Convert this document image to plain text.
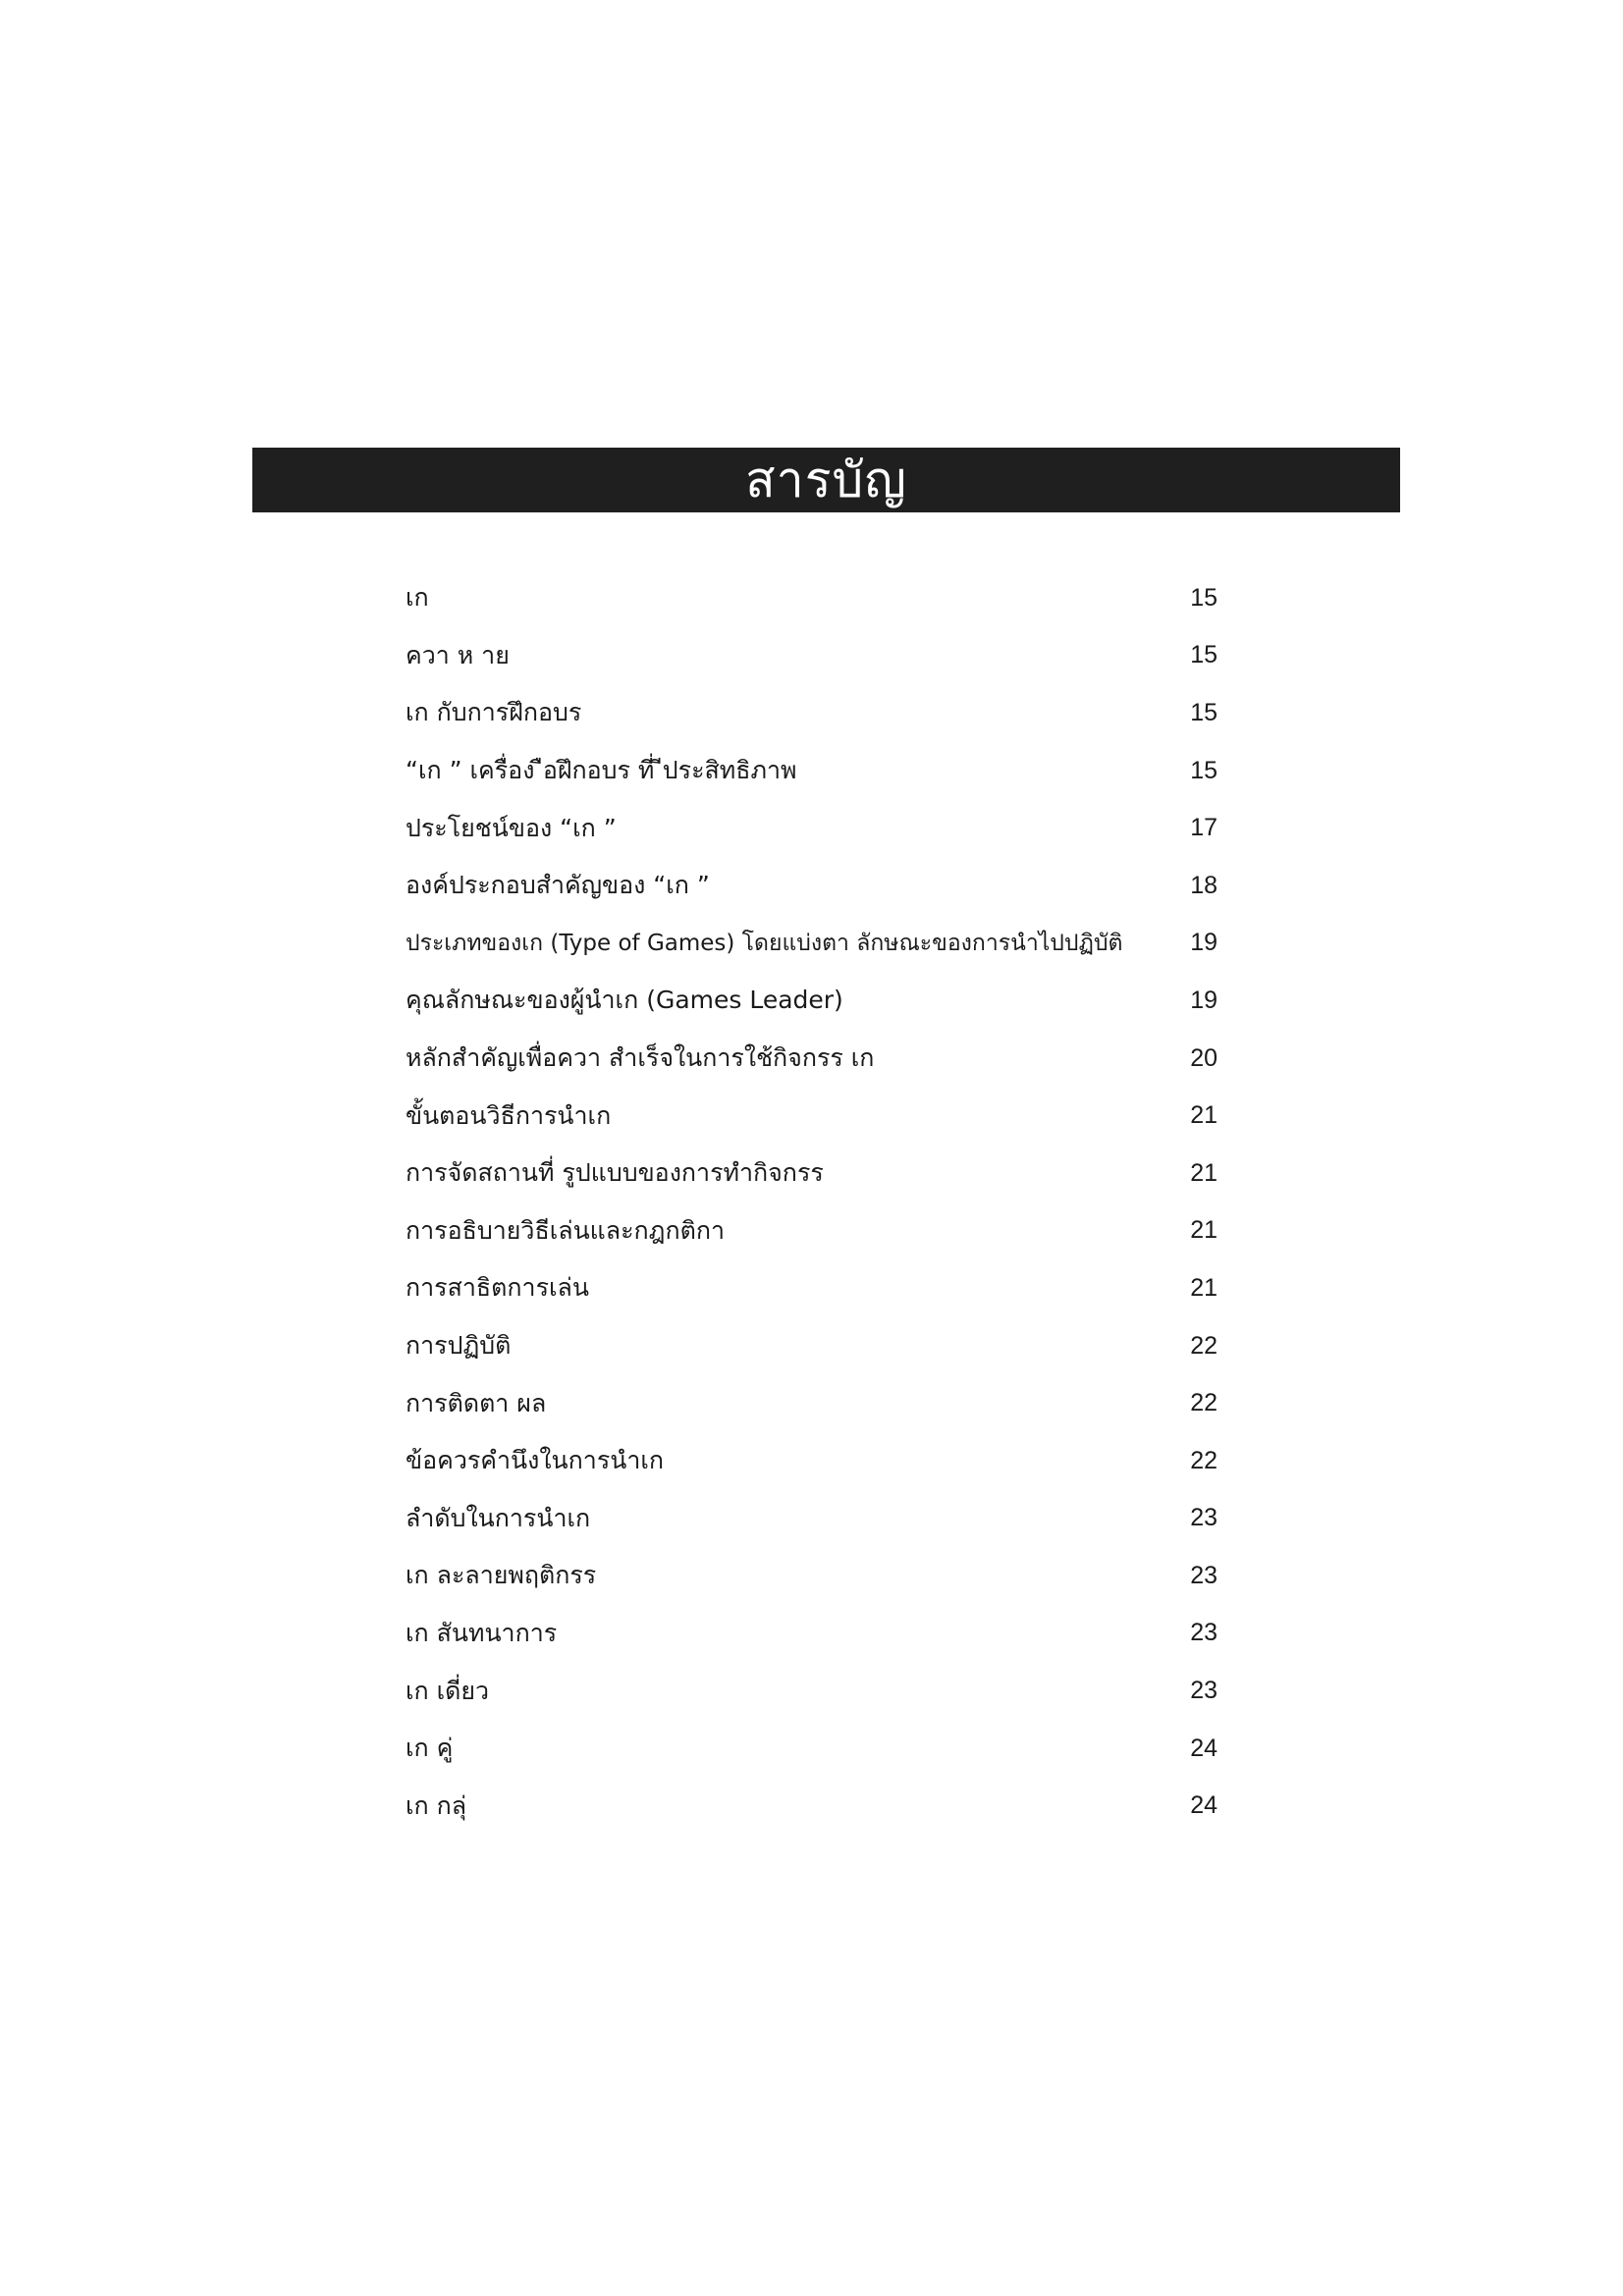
สารบัญ
เก	15
ควา ห าย	15
เก กับการฝึกอบร	15
“เก ” เครื่อง ือฝึกอบร ที่ ีประสิทธิภาพ	15
ประโยชน์ของ “เก ”	17
องค์ประกอบสำคัญของ “เก ”	18
ประเภทของเก (Type of Games) โดยแบ่งตา ลักษณะของการนำไปปฏิบัติ	19
คุณลักษณะของผู้นำเก (Games Leader)	19
หลักสำคัญเพื่อควา สำเร็จในการใช้กิจกรร เก	20
ขั้นตอนวิธีการนำเก	21
การจัดสถานที่ รูปแบบของการทำกิจกรร	21
การอธิบายวิธีเล่นและกฎกติกา	21
การสาธิตการเล่น	21
การปฏิบัติ	22
การติดตา ผล	22
ข้อควรคำนึงในการนำเก	22
ลำดับในการนำเก	23
เก ละลายพฤติกรร	23
เก สันทนาการ	23
เก เดี่ยว	23
เก คู่	24
เก กลุ่	24
